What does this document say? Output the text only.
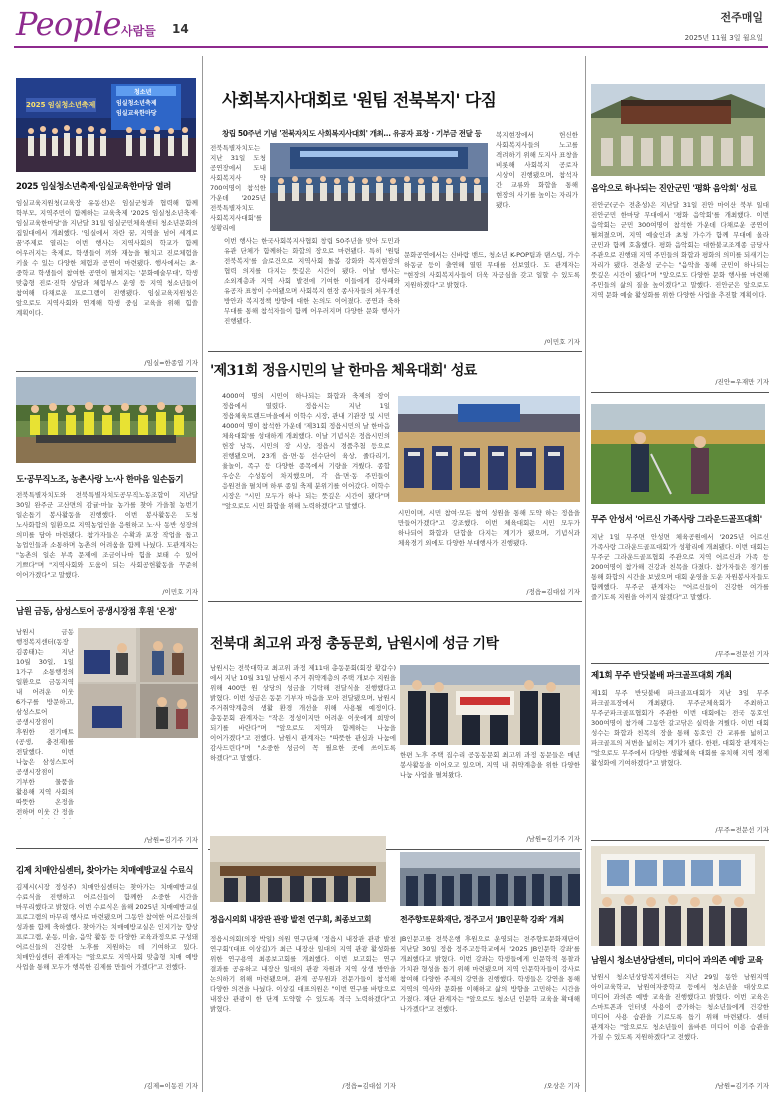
People 사람들 14
전주매일
2025년 11월 3일 월요일
2025 임실청소년축제
청소년
임실청소년축제
임실교육한마당
2025 임실청소년축제·임실교육한마당 열려
임실교육지원청(교육장 유동선)은 임실군청과 협력해 함께 학부모, 지역주민이 함께하는 교육축제 '2025 임실청소년축제·임실교육한마당'을 지난달 31일 임실군민체육센터 청소년문화의 집일대에서 개최했다. '임실에서 자란 꿈, 지역을 넘어 세계로 꿈'주제로 열리는 이번 행사는 지역사회의 학교가 함께 어우러지는 축제로, 학생들이 끼와 재능을 펼치고 진로체험을 키울 수 있는 다양한 체험과 공연이 마련됐다. 행사에서는 초·중학교 학생들이 참여한 공연이 펼쳐지는 '문화예술무대', 학생 맞춤형 진로·진학 상담과 체험부스 운영 등 지역 청소년들이 참여해 다채로운 프로그램이 진행됐다. 임실교육지원청은 앞으로도 지역사회와 연계해 학생 중심 교육을 위해 힘쓸 계획이다.
/임실=한종엽 기자
도·공무직노조, 농촌사랑 노·사 한마음 일손돕기
전북특별자치도와 전북특별자치도공무직노동조합이 지난달 30일 완주군 고산면의 감귤·마늘 농가를 찾아 가을철 농번기 일손돕기 봉사활동을 진행했다. 이번 봉사활동은 도청 노사화합의 일환으로 지역농업인을 응원하고 노·사 동반 성장의 의미를 담아 마련됐다. 참가자들은 수확과 포장 작업을 돕고 농업인들과 소통하며 농촌의 어려움을 함께 나눴다. 도관계자는 "농촌의 일손 부족 문제에 조금이나마 힘을 보태 수 있어 기쁘다"며 "지역사회와 도움이 되는 사회공헌활동을 꾸준히 이어가겠다"고 말했다.
/이민호 기자
남원 금동, 삼성스토어 공생시장점 후원 '온정'
남원시 금동 행정복지센터(동장 김종태)는 지난 10월 30일, 1일 1가구 소통행정의 일환으로 금동지역 내 어려운 이웃 6가구를 방문하고, 삼성스토어 공생시장점이 후원한 전기매트(공생, 충전재)를 전달했다. 이번 나눔은 삼성스토어 공생시장점이 기부한 물품을 활용해 지역 사회의 따뜻한 온정을 전하며 이웃 간 정을
/남원=김기주 기자
김제 치매안심센터, 찾아가는 치매예방교실 수료식
김제시(시장 정성주) 치매안심센터는 찾아가는 치매예방교실 수료식을 진행하고 어르신들이 함께한 소중한 시간을 마무리했다고 밝혔다. 이번 수료식은 올해 2025년 치매예방교실 프로그램의 마무리 행사로 마련됐으며 그동안 참여한 어르신들의 성과를 함께 축하했다. 찾아가는 치매예방교실은 인지기능 향상 프로그램, 운동, 미술, 음악 활동 등 다양한 교육과정으로 구성돼 어르신들의 건강한 노후를 지원하는 데 기여하고 있다. 치매안심센터 관계자는 "앞으로도 지역사회 맞춤형 치매 예방 사업을 통해 모두가 행복한 김제를 만들어 가겠다"고 전했다.
/김제=이동진 기자
사회복지사대회로 '원팀 전북복지' 다짐
창립 50주년 기념 '전북자치도 사회복지사대회' 개최… 유공자 표창 · 기부금 전달 등
전북특별자치도는 지난 31일 도청 공연장에서 도내 사회복지사 약 700여명이 참석한 가운데 '2025년 전북특별자치도 사회복지사대회'를 성황리에
복지현장에서 헌신한 사회복지사들의 노고를 격려하기 위해 도지사 표창을 비롯해 사회복지 공로자 시상이 진행됐으며, 참석자 간 교류와 화합을 통해 현장의 사기를 높이는 자리가 됐다.
이번 행사는 한국사회복지사협회 창립 50주년을 맞아 도민과 유관 단체가 함께하는 화합의 장으로 마련됐다. 특히 '원팀 전북복지'를 슬로건으로 지역사회 돌봄 강화와 복지현장의 협력 의지를 다지는 뜻깊은 시간이 됐다. 이날 행사는 소외계층과 지역 사회 발전에 기여한 이들에게 감사패와 유공자 표창이 수여됐으며 사회복지 현장 종사자들의 처우개선 방안과 복지정책 방향에 대한 논의도 이어졌다. 공연과 축하 무대를 통해 참석자들이 함께 어우러지며 다양한 문화 행사가 진행됐다.
문화공연에서는 신바람 밴드, 청소년 K-POP팀과 댄스팀, 가수 하동균 등이 출연해 열띤 무대를 선보였다. 도 관계자는 "현장의 사회복지사들이 더욱 자긍심을 갖고 일할 수 있도록 지원하겠다"고 밝혔다.
/이민호 기자
'제31회 정읍시민의 날 한마음 체육대회' 성료
4000여 명의 시민이 하나되는 화합과 축제의 장이 정읍에서 열렸다. 정읍시는 지난 1일 정읍체육트랜드마을에서 이학수 시장, 관내 기관장 및 시민 4000여 명이 참석한 가운데 '제31회 정읍시민의 날 한마음 체육대회'를 성대하게 개최했다. 이날 기념식은 정읍시민의 헌장 낭독, 시민의 장 시상, 정읍시 경품추첨 등으로 진행됐으며, 23개 읍·면·동 선수단이 육상, 줄다리기, 윷놀이, 족구 등 다양한 종목에서 기량을 겨뤘다. 종합 우승은 수성동이 차지했으며, 각 읍·면·동 주민들이 응원전을 펼치며 하루 종일 축제 분위기를 이어갔다. 이학수 시장은 "시민 모두가 하나 되는 뜻깊은 시간이 됐다"며 "앞으로도 시민 화합을 위해 노력하겠다"고 말했다.
시민이며, 시민 참여·모든 참여 성원을 통해 도약 하는 정읍을 만들어가겠다"고 강조했다. 이번 체육대회는 시민 모두가 하나되어 화합과 단합을 다지는 계기가 됐으며, 기념식과 체육경기 외에도 다양한 부대행사가 진행됐다.
/정읍=김대섭 기자
전북대 최고위 과정 총동문회, 남원시에 성금 기탁
남원시는 전북대학교 최고위 과정 제11대 총동문회(회장 황갑수)에서 지난 10월 31일 남원시 주거 취약계층의 주택 개보수 지원을 위해 400만 원 상당의 성금을 기탁해 전달식을 진행했다고 밝혔다. 이번 성금은 동문 기부자 마음을 모아 전달됐으며, 남원시 주거취약계층의 생활 환경 개선을 위해 사용될 예정이다. 총동문회 관계자는 "작은 정성이지만 어려운 이웃에게 희망이 되기를 바란다"며 "앞으로도 지역과 함께하는 나눔을 이어가겠다"고 전했다. 남원시 관계자는 "따뜻한 관심과 나눔에 감사드린다"며 "소중한 성금이 꼭 필요한 곳에 쓰이도록 하겠다"고 말했다.	한편 노후 주택 집수리 공동동문회 최고위 과정 동문들은 매년 봉사활동을 이어오고 있으며, 지역 내 취약계층을 위한 다양한 나눔 사업을 펼쳐왔다.
/남원=김기주 기자
정읍시의회 내장관 관광 발전 연구회, 최종보고회
정읍시의회(의장 박일) 의원 연구단체 '정읍시 내장관 관광 발전 연구회'(대표 이상길)가 최근 내장산 일대의 지역 관광 활성화를 위한 연구용역 최종보고회를 개최했다. 이번 보고회는 연구 결과를 공유하고 내장산 일대의 관광 자원과 지역 상생 방안을 논의하기 위해 마련됐으며, 관계 공무원과 전문가들이 참석해 다양한 의견을 나눴다. 이상길 대표의원은 "이번 연구를 바탕으로 내장산 관광이 한 단계 도약할 수 있도록 적극 노력하겠다"고 밝혔다.
/정읍=김대섭 기자
전주향토문화재단, 정주고서 'JB인문학 강좌' 개최
JB인문고를 전북은행 후원으로 운영되는 전주향토문화재단이 지난달 30일 정읍 정주고등학교에서 '2025 JB인문학 강좌'를 개최했다고 밝혔다. 이번 강좌는 학생들에게 인문학적 통찰과 가치관 형성을 돕기 위해 마련됐으며 지역 인문학자들이 강사로 참여해 다양한 주제의 강연을 진행했다. 학생들은 강연을 통해 지역의 역사와 문화를 이해하고 삶의 방향을 고민하는 시간을 가졌다. 재단 관계자는 "앞으로도 청소년 인문학 교육을 확대해 나가겠다"고 전했다.
/오상은 기자
음악으로 하나되는 진안군민 '평화 음악회' 성료
진안군(군수 전춘성)은 지난달 31일 진안 마이산 북부 일대 진안군민 한마당 무대에서 '평화 음악회'를 개최했다. 이번 음악회는 군민 300여명이 참석한 가운데 다채로운 공연이 펼쳐졌으며, 지역 예술인과 초청 가수가 함께 무대에 올라 군민과 함께 호흡했다. 평화 음악회는 대한불교조계종 금당사 주관으로 진행돼 지역 주민들의 화합과 평화의 의미를 되새기는 자리가 됐다. 전춘성 군수는 "음악을 통해 군민이 하나되는 뜻깊은 시간이 됐다"며 "앞으로도 다양한 문화 행사를 마련해 주민들의 삶의 질을 높이겠다"고 말했다. 진안군은 앞으로도 지역 문화 예술 활성화를 위한 다양한 사업을 추진할 계획이다.
/진안=우재만 기자
무주 안성서 '어르신 가족사랑 그라운드골프대회'
지난 1일 무주면 안성면 체육공원에서 '2025년 어르신 가족사랑 그라운드골프대회'가 성황리에 개최됐다. 이번 대회는 무주군 그라운드골프협회 주관으로 지역 어르신과 가족 등 200여명이 참가해 건강과 친목을 다졌다. 참가자들은 경기를 통해 화합의 시간을 보냈으며 대회 운영을 도운 자원봉사자들도 함께했다. 무주군 관계자는 "어르신들이 건강한 여가를 즐기도록 지원을 아끼지 않겠다"고 말했다.
/무주=전문선 기자
제1회 무주 반딧불배 파크골프대회 개최
제1회 무주 반딧불배 파크골프대회가 지난 3일 무주 파크골프장에서 개최됐다. 무주군체육회가 주최하고 무주군파크골프협회가 주관한 이번 대회에는 전국 동호인 300여명이 참가해 그동안 갈고닦은 실력을 겨뤘다. 이번 대회 성수는 화합과 친목의 장을 통해 동호인 간 교류를 넓히고 파크골프의 저변을 넓히는 계기가 됐다. 한편, 대회장 관계자는 "앞으로도 무주에서 다양한 생활체육 대회를 유치해 지역 경제 활성화에 기여하겠다"고 밝혔다.
/무주=전문선 기자
남원시 청소년상담센터, 미디어 과의존 예방 교육
남원시 청소년상담복지센터는 지난 29일 동안 남원지역 아이교육학교, 남원여자중학교 등에서 청소년을 대상으로 미디어 과의존 예방 교육을 진행했다고 밝혔다. 이번 교육은 스마트폰과 인터넷 사용이 증가하는 청소년들에게 건강한 미디어 사용 습관을 기르도록 돕기 위해 마련됐다. 센터 관계자는 "앞으로도 청소년들이 올바른 미디어 이용 습관을 가질 수 있도록 지원하겠다"고 전했다.
/남원=김기주 기자
